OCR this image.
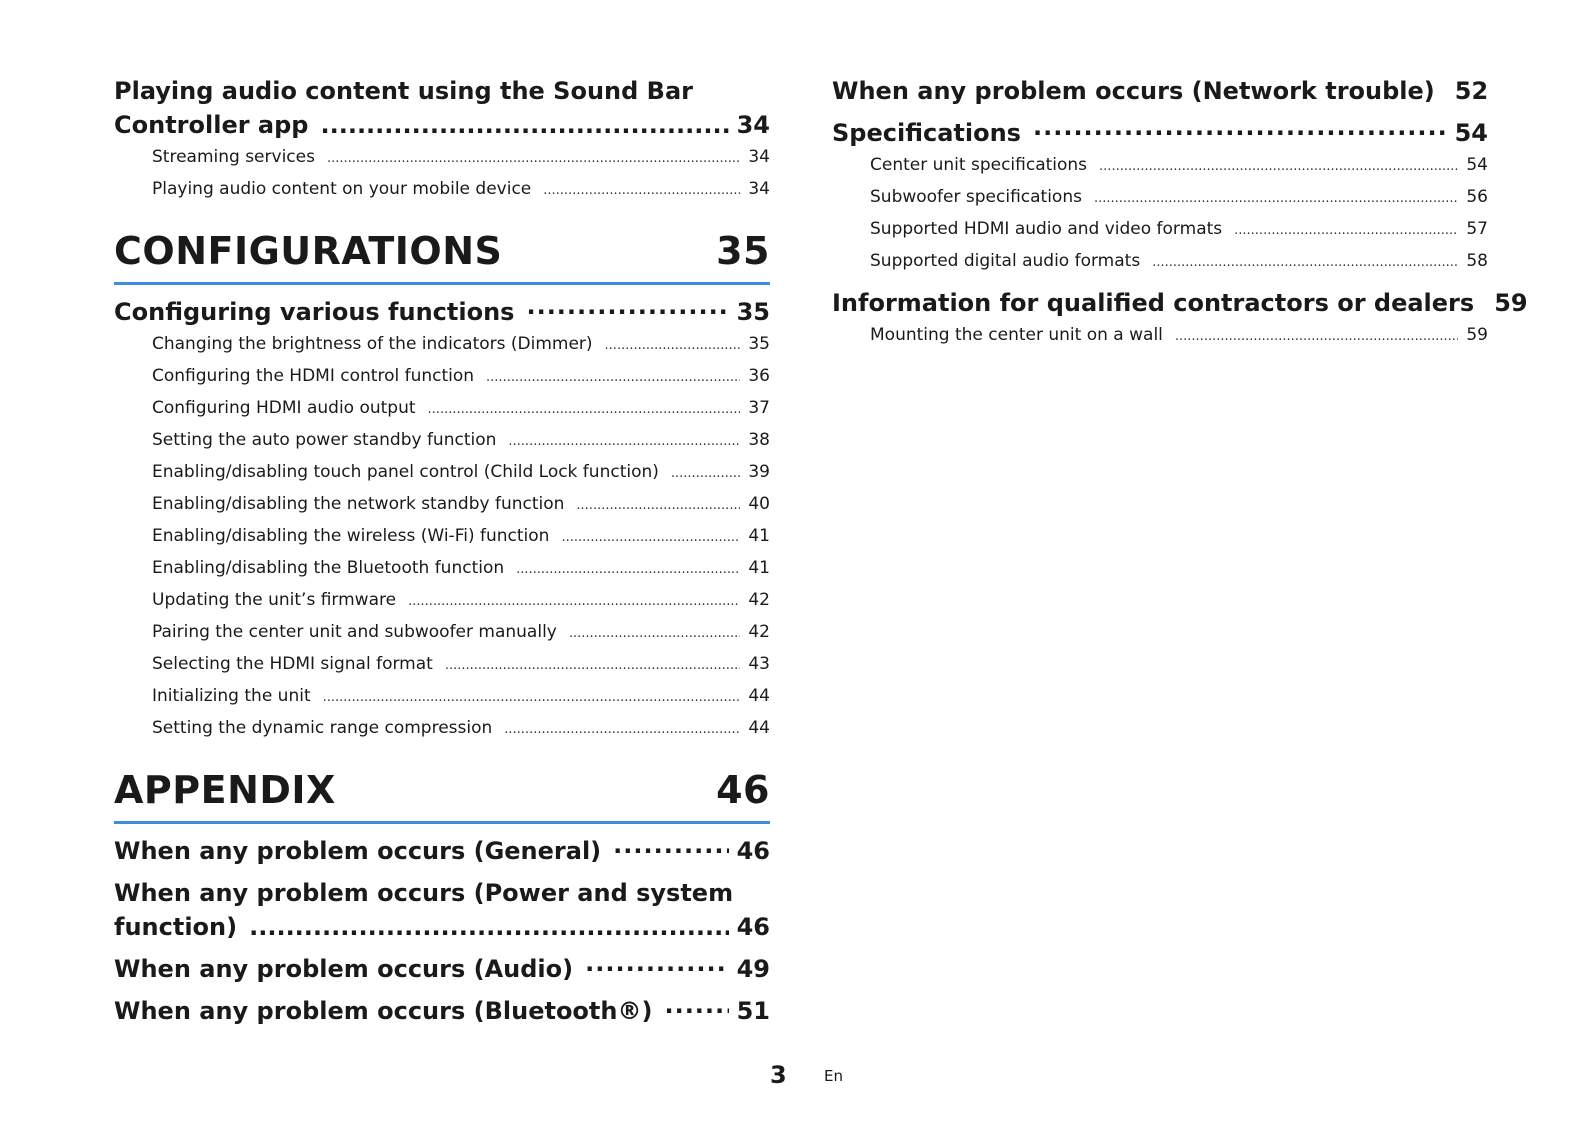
Playing audio content using the Sound Bar
Controller app .....	34
Streaming services .....	34
Playing audio content on your mobile device .....	34
CONFIGURATIONS	35
Configuring various functions ·····	35
Changing the brightness of the indicators (Dimmer) .....	35
Configuring the HDMI control function .....	36
Configuring HDMI audio output .....	37
Setting the auto power standby function .....	38
Enabling/disabling touch panel control (Child Lock function) .....	39
Enabling/disabling the network standby function .....	40
Enabling/disabling the wireless (Wi-Fi) function .....	41
Enabling/disabling the Bluetooth function .....	41
Updating the unit’s firmware .....	42
Pairing the center unit and subwoofer manually .....	42
Selecting the HDMI signal format .....	43
Initializing the unit .....	44
Setting the dynamic range compression .....	44
APPENDIX	46
When any problem occurs (General) ·····	46
When any problem occurs (Power and system
function) .....	46
When any problem occurs (Audio) ·····	49
When any problem occurs (Bluetooth®) ·····	51
When any problem occurs (Network trouble) 52
Specifications ·····	54
Center unit specifications .....	54
Subwoofer specifications .....	56
Supported HDMI audio and video formats .....	57
Supported digital audio formats .....	58
Information for qualified contractors or dealers 59
Mounting the center unit on a wall .....	59
3 En
